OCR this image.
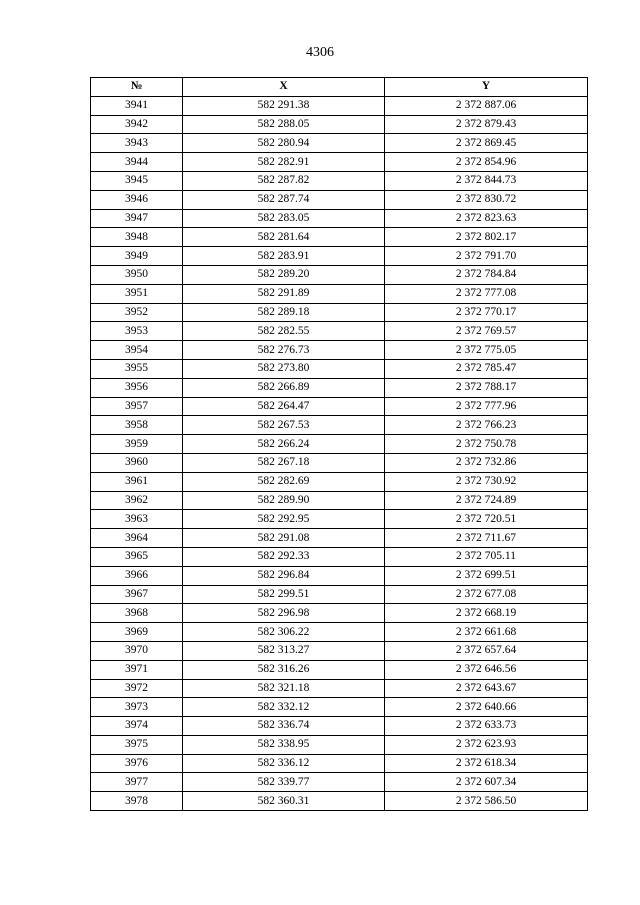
4306
№	X	Y
3941	582 291.38	2 372 887.06
3942	582 288.05	2 372 879.43
3943	582 280.94	2 372 869.45
3944	582 282.91	2 372 854.96
3945	582 287.82	2 372 844.73
3946	582 287.74	2 372 830.72
3947	582 283.05	2 372 823.63
3948	582 281.64	2 372 802.17
3949	582 283.91	2 372 791.70
3950	582 289.20	2 372 784.84
3951	582 291.89	2 372 777.08
3952	582 289.18	2 372 770.17
3953	582 282.55	2 372 769.57
3954	582 276.73	2 372 775.05
3955	582 273.80	2 372 785.47
3956	582 266.89	2 372 788.17
3957	582 264.47	2 372 777.96
3958	582 267.53	2 372 766.23
3959	582 266.24	2 372 750.78
3960	582 267.18	2 372 732.86
3961	582 282.69	2 372 730.92
3962	582 289.90	2 372 724.89
3963	582 292.95	2 372 720.51
3964	582 291.08	2 372 711.67
3965	582 292.33	2 372 705.11
3966	582 296.84	2 372 699.51
3967	582 299.51	2 372 677.08
3968	582 296.98	2 372 668.19
3969	582 306.22	2 372 661.68
3970	582 313.27	2 372 657.64
3971	582 316.26	2 372 646.56
3972	582 321.18	2 372 643.67
3973	582 332.12	2 372 640.66
3974	582 336.74	2 372 633.73
3975	582 338.95	2 372 623.93
3976	582 336.12	2 372 618.34
3977	582 339.77	2 372 607.34
3978	582 360.31	2 372 586.50
